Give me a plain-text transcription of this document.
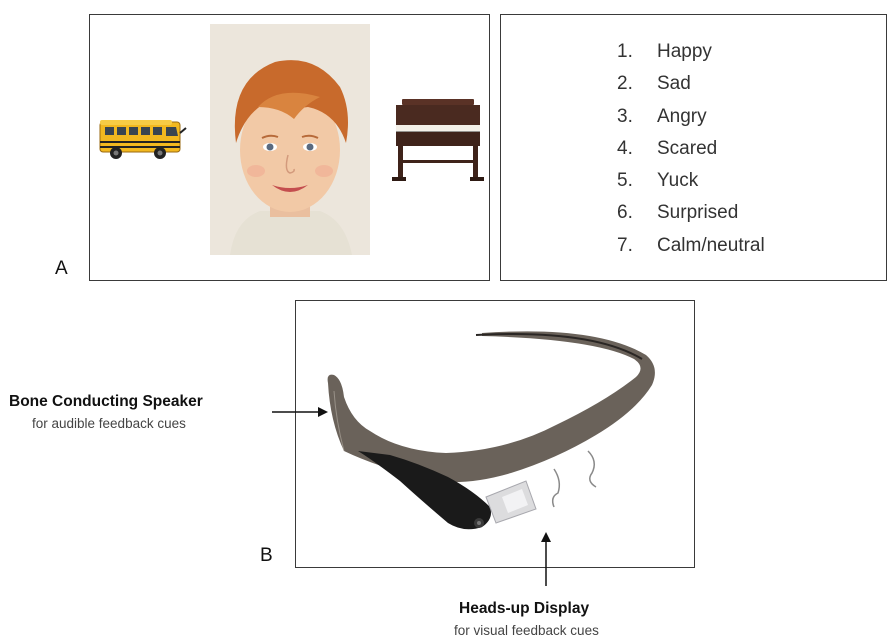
A
1. Happy
2. Sad
3. Angry
4. Scared
5. Yuck
6. Surprised
7. Calm/neutral
B
Bone Conducting Speaker
for audible feedback cues
Heads-up Display
for visual feedback cues
